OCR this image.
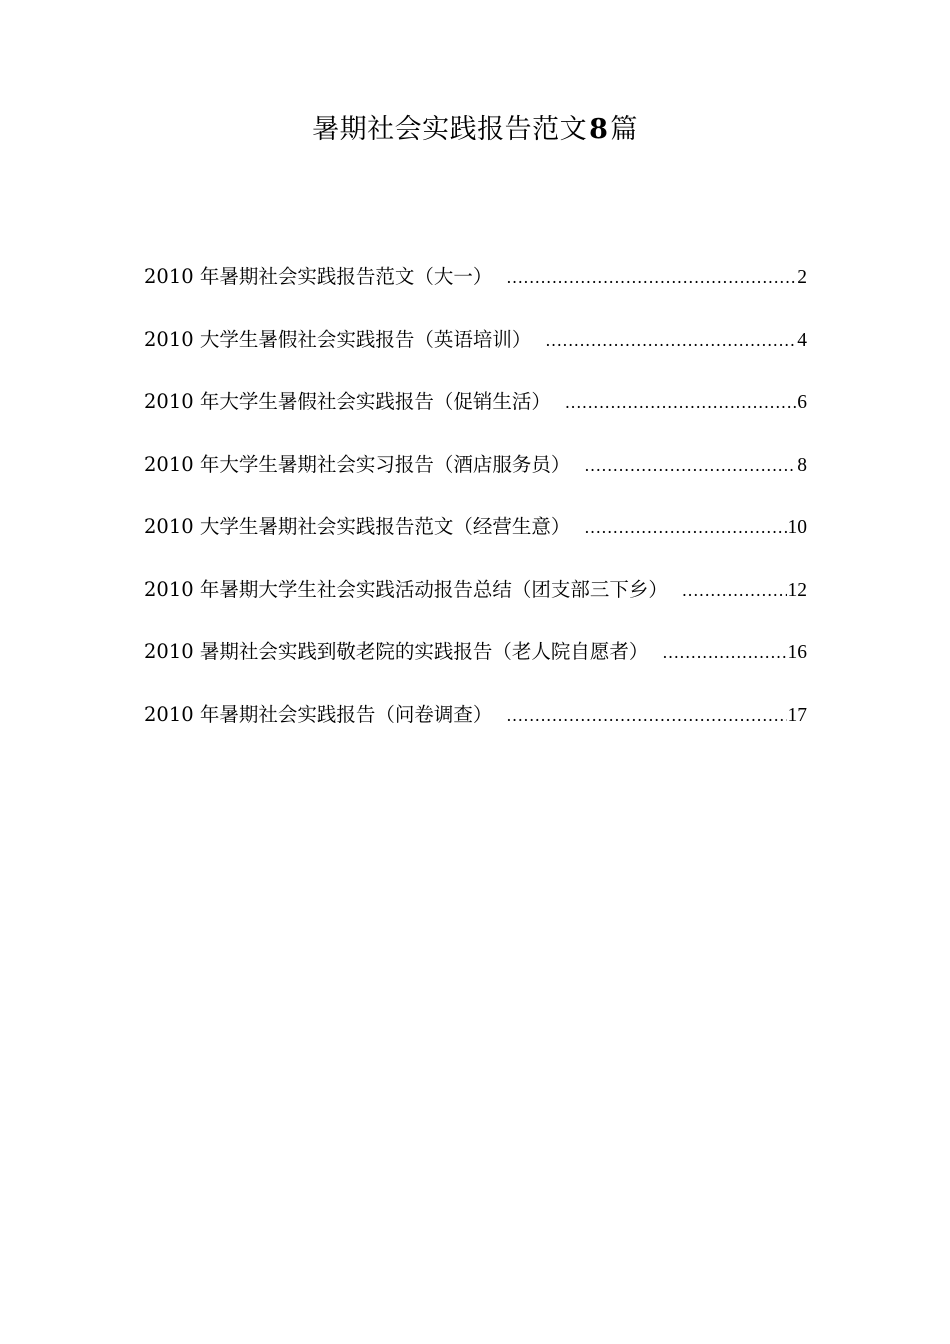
暑期社会实践报告范文8篇
2010 年暑期社会实践报告范文（大一） .....	2
2010 大学生暑假社会实践报告（英语培训） .....	4
2010 年大学生暑假社会实践报告（促销生活） .....	6
2010 年大学生暑期社会实习报告（酒店服务员） .....	8
2010 大学生暑期社会实践报告范文（经营生意） .....	10
2010 年暑期大学生社会实践活动报告总结（团支部三下乡） .....	12
2010 暑期社会实践到敬老院的实践报告（老人院自愿者） .....	16
2010 年暑期社会实践报告（问卷调查） .....	17
